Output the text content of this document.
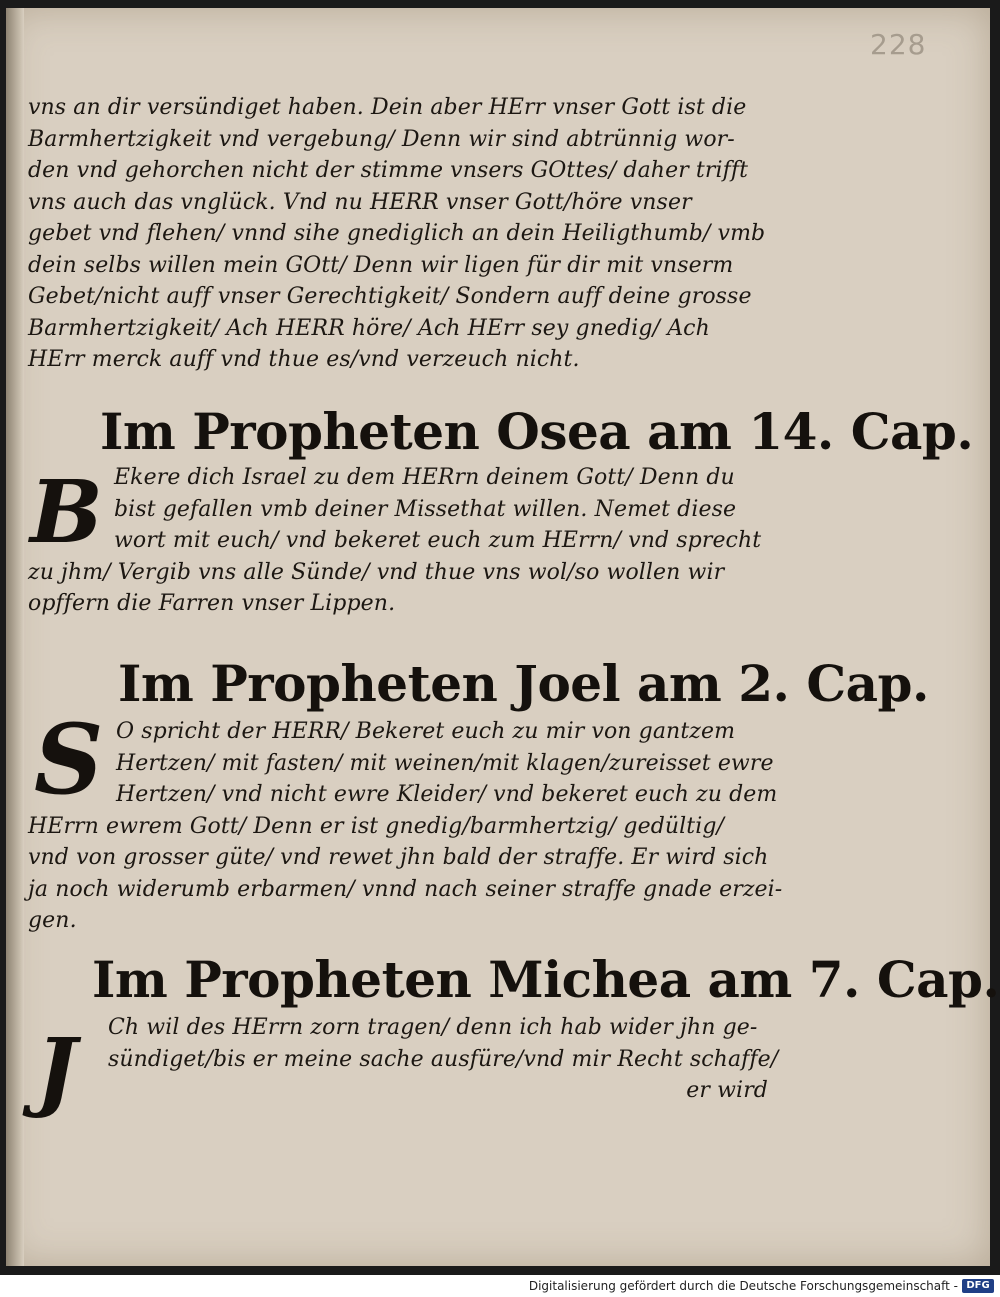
228
vns an dir versündiget haben. Dein aber HErr vnser Gott ist die
Barmhertzigkeit vnd vergebung/ Denn wir sind abtrünnig wor-
den vnd gehorchen nicht der stimme vnsers GOttes/ daher trifft
vns auch das vnglück. Vnd nu HERR vnser Gott/höre vnser
gebet vnd flehen/ vnnd sihe gnediglich an dein Heiligthumb/ vmb
dein selbs willen mein GOtt/ Denn wir ligen für dir mit vnserm
Gebet/nicht auff vnser Gerechtigkeit/ Sondern auff deine grosse
Barmhertzigkeit/ Ach HERR höre/ Ach HErr sey gnedig/ Ach
HErr merck auff vnd thue es/vnd verzeuch nicht.
Im Propheten Osea am 14. Cap.
B Ekere dich Israel zu dem HERrn deinem Gott/ Denn du
bist gefallen vmb deiner Missethat willen. Nemet diese
wort mit euch/ vnd bekeret euch zum HErrn/ vnd sprecht
zu jhm/ Vergib vns alle Sünde/ vnd thue vns wol/so wollen wir
opffern die Farren vnser Lippen.
Im Propheten Joel am 2. Cap.
S O spricht der HERR/ Bekeret euch zu mir von gantzem
Hertzen/ mit fasten/ mit weinen/mit klagen/zureisset ewre
Hertzen/ vnd nicht ewre Kleider/ vnd bekeret euch zu dem
HErrn ewrem Gott/ Denn er ist gnedig/barmhertzig/ gedültig/
vnd von grosser güte/ vnd rewet jhn bald der straffe. Er wird sich
ja noch widerumb erbarmen/ vnnd nach seiner straffe gnade erzei-
gen.
Im Propheten Michea am 7. Cap.
J	Ch wil des HErrn zorn tragen/ denn ich hab wider jhn ge-
sündiget/bis er meine sache ausfüre/vnd mir Recht schaffe/
er wird
Digitalisierung gefördert durch die Deutsche Forschungsgemeinschaft - DFG
